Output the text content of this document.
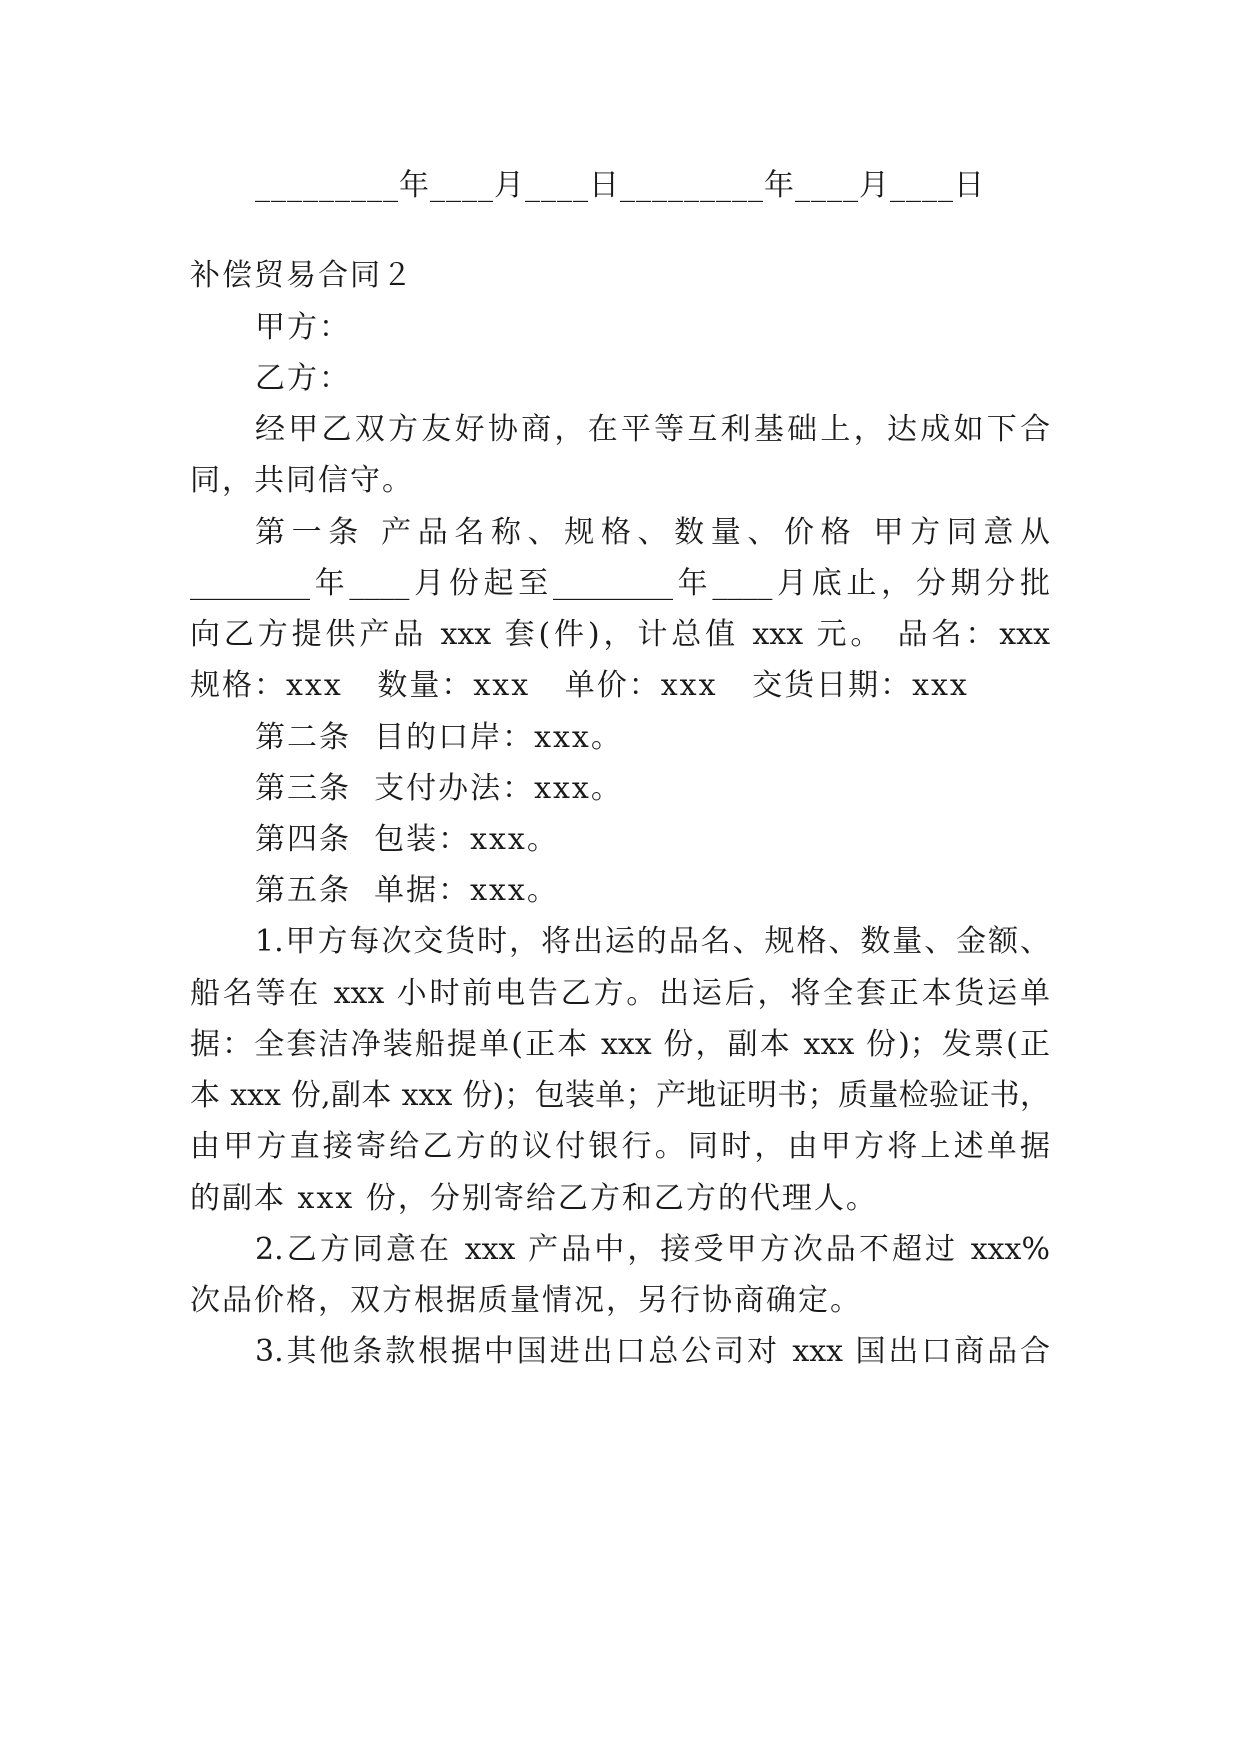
_________年____月____日_________年____月____日
补偿贸易合同２
甲方：
乙方：
经甲乙双方友好协商，在平等互利基础上，达成如下合
同，共同信守。
第一条 产品名称、规格、数量、价格 甲方同意从
________年____月份起至________年____月底止，分期分批
向乙方提供产品 xxx 套(件)，计总值 xxx 元。 品名：xxx
规格：xxx   数量：xxx   单价：xxx   交货日期：xxx
第二条  目的口岸：xxx。
第三条  支付办法：xxx。
第四条  包装：xxx。
第五条  单据：xxx。
1.甲方每次交货时，将出运的品名、规格、数量、金额、
船名等在 xxx 小时前电告乙方。出运后，将全套正本货运单
据：全套洁净装船提单(正本 xxx 份，副本 xxx 份)；发票(正
本 xxx 份,副本 xxx 份)；包装单；产地证明书；质量检验证书，
由甲方直接寄给乙方的议付银行。同时，由甲方将上述单据
的副本 xxx 份，分别寄给乙方和乙方的代理人。
2.乙方同意在 xxx 产品中，接受甲方次品不超过 xxx%
次品价格，双方根据质量情况，另行协商确定。
3.其他条款根据中国进出口总公司对 xxx 国出口商品合
